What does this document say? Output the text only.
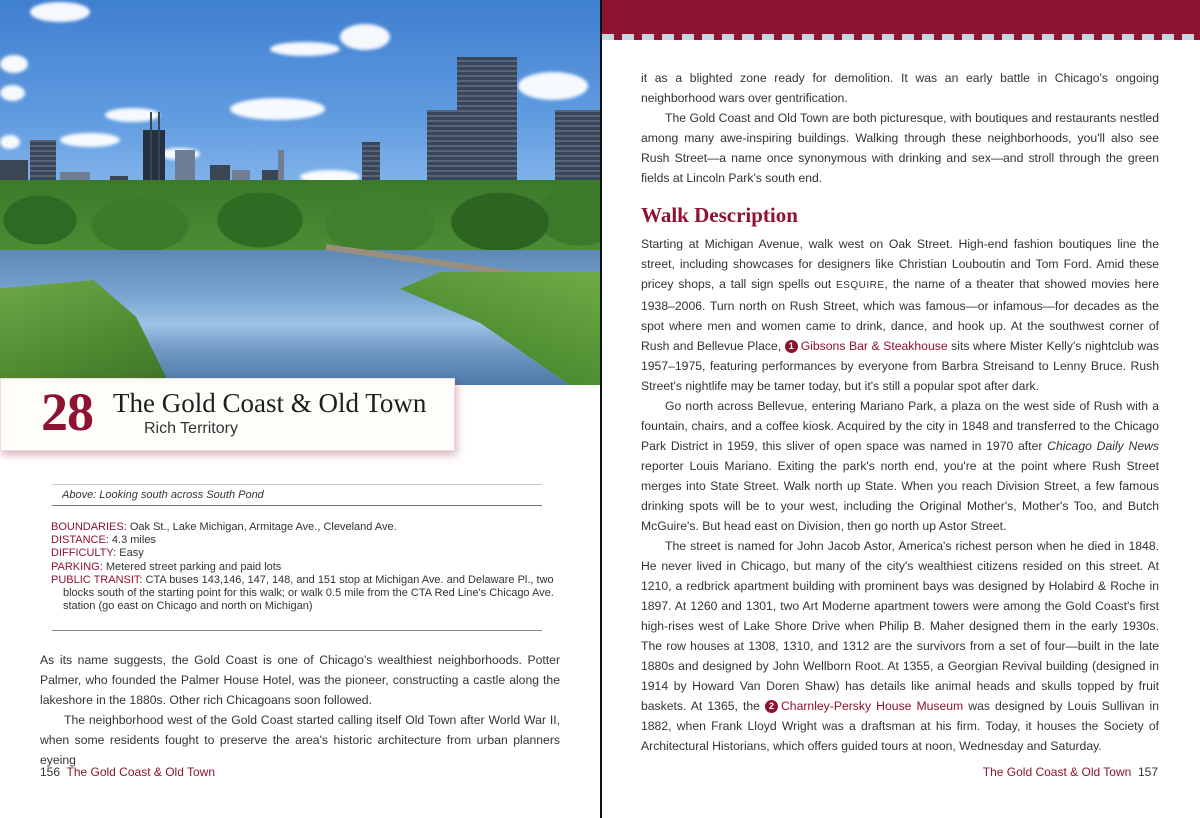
28 The Gold Coast & Old Town
Rich Territory
Above: Looking south across South Pond
BOUNDARIES: Oak St., Lake Michigan, Armitage Ave., Cleveland Ave.
DISTANCE: 4.3 miles
DIFFICULTY: Easy
PARKING: Metered street parking and paid lots
PUBLIC TRANSIT: CTA buses 143,146, 147, 148, and 151 stop at Michigan Ave. and Delaware Pl., two blocks south of the starting point for this walk; or walk 0.5 mile from the CTA Red Line's Chicago Ave. station (go east on Chicago and north on Michigan)

As its name suggests, the Gold Coast is one of Chicago's wealthiest neighborhoods. Potter Palmer, who founded the Palmer House Hotel, was the pioneer, constructing a castle along the lakeshore in the 1880s. Other rich Chicagoans soon followed.

The neighborhood west of the Gold Coast started calling itself Old Town after World War II, when some residents fought to preserve the area's historic architecture from urban planners eyeing

156 The Gold Coast & Old Town

it as a blighted zone ready for demolition. It was an early battle in Chicago's ongoing neighborhood wars over gentrification.

The Gold Coast and Old Town are both picturesque, with boutiques and restaurants nestled among many awe-inspiring buildings. Walking through these neighborhoods, you'll also see Rush Street—a name once synonymous with drinking and sex—and stroll through the green fields at Lincoln Park's south end.

Walk Description

Starting at Michigan Avenue, walk west on Oak Street. High-end fashion boutiques line the street, including showcases for designers like Christian Louboutin and Tom Ford. Amid these pricey shops, a tall sign spells out ESQUIRE, the name of a theater that showed movies here 1938–2006. Turn north on Rush Street, which was famous—or infamous—for decades as the spot where men and women came to drink, dance, and hook up. At the southwest corner of Rush and Bellevue Place, 1 Gibsons Bar & Steakhouse sits where Mister Kelly's nightclub was 1957–1975, featuring performances by everyone from Barbra Streisand to Lenny Bruce. Rush Street's nightlife may be tamer today, but it's still a popular spot after dark.

Go north across Bellevue, entering Mariano Park, a plaza on the west side of Rush with a fountain, chairs, and a coffee kiosk. Acquired by the city in 1848 and transferred to the Chicago Park District in 1959, this sliver of open space was named in 1970 after Chicago Daily News reporter Louis Mariano. Exiting the park's north end, you're at the point where Rush Street merges into State Street. Walk north up State. When you reach Division Street, a few famous drinking spots will be to your west, including the Original Mother's, Mother's Too, and Butch McGuire's. But head east on Division, then go north up Astor Street.

The street is named for John Jacob Astor, America's richest person when he died in 1848. He never lived in Chicago, but many of the city's wealthiest citizens resided on this street. At 1210, a redbrick apartment building with prominent bays was designed by Holabird & Roche in 1897. At 1260 and 1301, two Art Moderne apartment towers were among the Gold Coast's first high-rises west of Lake Shore Drive when Philip B. Maher designed them in the early 1930s. The row houses at 1308, 1310, and 1312 are the survivors from a set of four—built in the late 1880s and designed by John Wellborn Root. At 1355, a Georgian Revival building (designed in 1914 by Howard Van Doren Shaw) has details like animal heads and skulls topped by fruit baskets. At 1365, the 2 Charnley-Persky House Museum was designed by Louis Sullivan in 1882, when Frank Lloyd Wright was a draftsman at his firm. Today, it houses the Society of Architectural Historians, which offers guided tours at noon, Wednesday and Saturday.

The Gold Coast & Old Town 157
